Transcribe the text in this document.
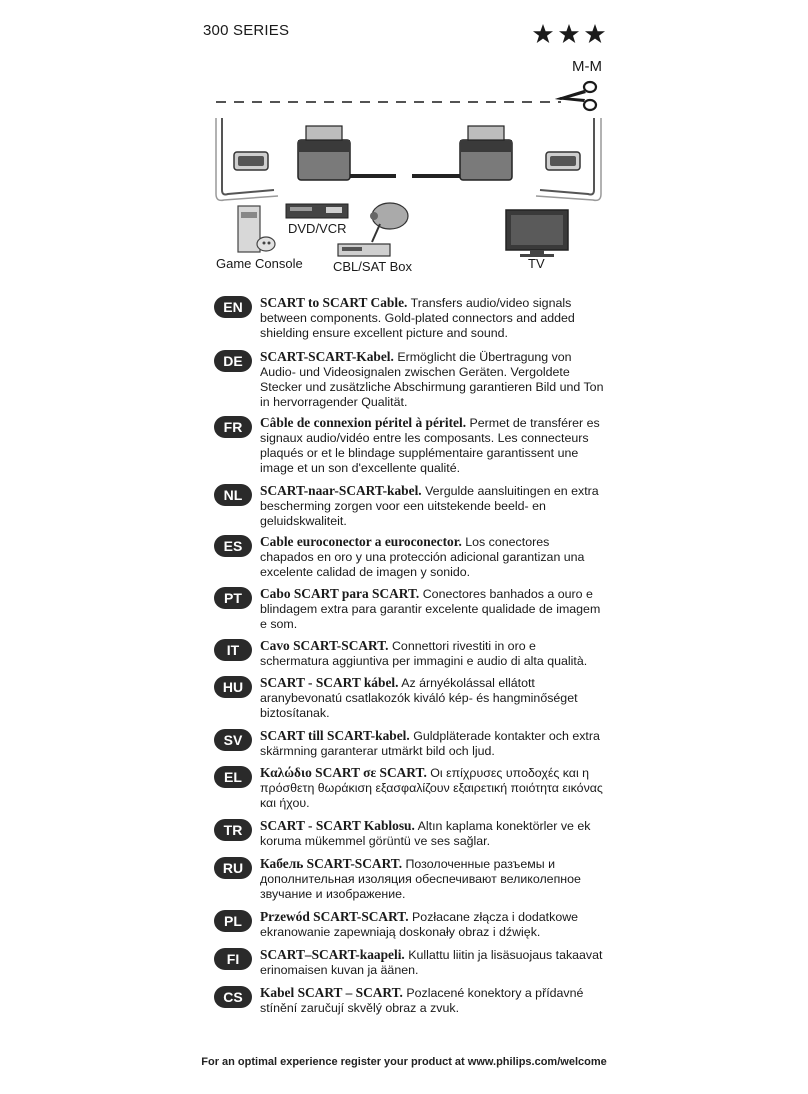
300 SERIES
M-M
Game Console
DVD/VCR
CBL/SAT Box	TV
EN	SCART to SCART Cable. Transfers audio/video signals between components. Gold-plated connectors and added shielding ensure excellent picture and sound.
DE	SCART-SCART-Kabel. Ermöglicht die Übertragung von Audio- und Videosignalen zwischen Geräten. Vergoldete Stecker und zusätzliche Abschirmung garantieren Bild und Ton in hervorragender Qualität.
FR	Câble de connexion péritel à péritel. Permet de transférer es signaux audio/vidéo entre les composants. Les connecteurs plaqués or et le blindage supplémentaire garantissent une image et un son d'excellente qualité.
NL	SCART-naar-SCART-kabel. Vergulde aansluitingen en extra bescherming zorgen voor een uitstekende beeld- en geluidskwaliteit.
ES	Cable euroconector a euroconector. Los conectores chapados en oro y una protección adicional garantizan una excelente calidad de imagen y sonido.
PT	Cabo SCART para SCART. Conectores banhados a ouro e blindagem extra para garantir excelente qualidade de imagem e som.
IT	Cavo SCART-SCART. Connettori rivestiti in oro e schermatura aggiuntiva per immagini e audio di alta qualità.
HU	SCART - SCART kábel. Az árnyékolással ellátott aranybevonatú csatlakozók kiváló kép- és hangminőséget biztosítanak.
SV	SCART till SCART-kabel. Guldpläterade kontakter och extra skärmning garanterar utmärkt bild och ljud.
EL	Καλώδιο SCART σε SCART. Οι επίχρυσες υποδοχές και η πρόσθετη θωράκιση εξασφαλίζουν εξαιρετική ποιότητα εικόνας και ήχου.
TR	SCART - SCART Kablosu. Altın kaplama konektörler ve ek koruma mükemmel görüntü ve ses sağlar.
RU	Кабель SCART-SCART. Позолоченные разъемы и дополнительная изоляция обеспечивают великолепное звучание и изображение.
PL	Przewód SCART-SCART. Pozłacane złącza i dodatkowe ekranowanie zapewniają doskonały obraz i dźwięk.
FI	SCART–SCART-kaapeli. Kullattu liitin ja lisäsuojaus takaavat erinomaisen kuvan ja äänen.
CS	Kabel SCART – SCART. Pozlacené konektory a přídavné stínění zaručují skvělý obraz a zvuk.
For an optimal experience register your product at www.philips.com/welcome
